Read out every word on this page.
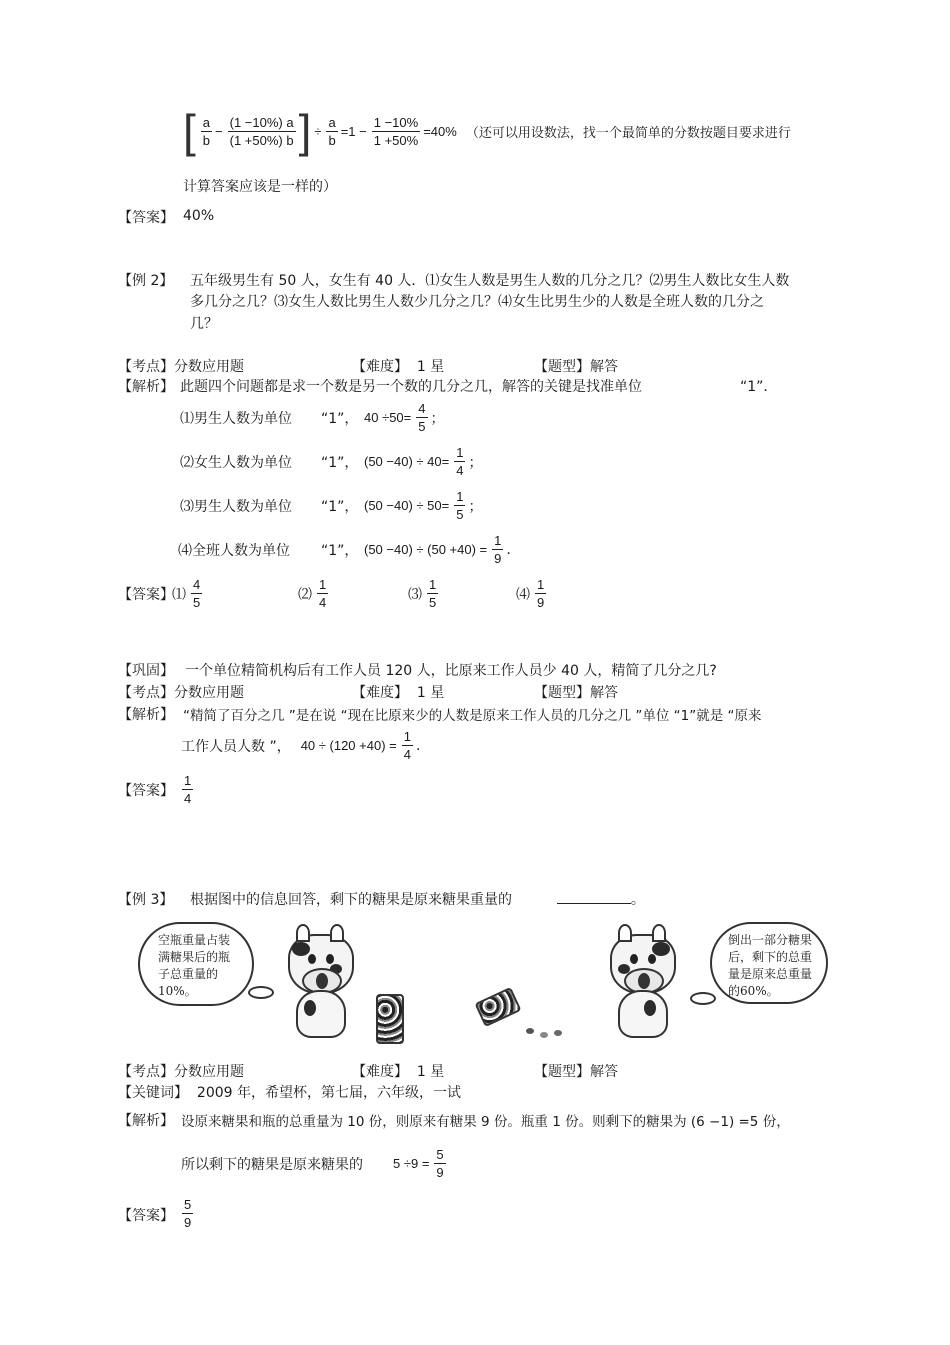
[ $\frac{a}{b} - \frac{(1 -10\%) a}{(1 +50\%) b}$ ] ÷ $\frac{a}{b} =1 - \frac{1 -10\%}{1 +50\%} =40\%$ （还可以用设数法，找一个最简单的分数按题目要求进行
计算答案应该是一样的）
【答案】 40%
【例 2】 五年级男生有 50 人，女生有 40 人．⑴女生人数是男生人数的几分之几？⑵男生人数比女生人数
多几分之几？⑶女生人数比男生人数少几分之几？⑷女生比男生少的人数是全班人数的几分之
几？
【考点】分数应用题	【难度】 1 星	【题型】解答
【解析】 此题四个问题都是求一个数是另一个数的几分之几，解答的关键是找准单位	“1”．
⑴男生人数为单位	“1”， $40 \div 50= \frac{4}{5}$ ；
⑵女生人数为单位	“1”， $(50 -40) \div 40= \frac{1}{4}$ ；
⑶男生人数为单位	“1”， $(50 -40) \div 50= \frac{1}{5}$ ；
⑷全班人数为单位	“1”， $(50 -40) \div (50 +40) = \frac{1}{9}$ .
【答案】
⑴ $\frac{4}{5}$	⑵ $\frac{1}{4}$	⑶ $\frac{1}{5}$	⑷ $\frac{1}{9}$
【巩固】 一个单位精简机构后有工作人员 120 人，比原来工作人员少 40 人，精简了几分之几?
【考点】分数应用题	【难度】 1 星	【题型】解答
【解析】 “精简了百分之几 ”是在说 “现在比原来少的人数是原来工作人员的几分之几 ”单位 “1”就是 “原来
工作人员人数 ”， $40 \div (120 +40) = \frac{1}{4}$ .
【答案】 $\frac{1}{4}$
【例 3】 根据图中的信息回答，剩下的糖果是原来糖果重量的	。
空瓶重量占装满糖果后的瓶子总重量的10%。
倒出一部分糖果后，剩下的总重量是原来总重量的60%。
【考点】分数应用题	【难度】 1 星	【题型】解答
【关键词】 2009 年，希望杯，第七届，六年级，一试
【解析】 设原来糖果和瓶的总重量为 10 份，则原来有糖果 9 份。瓶重 1 份。则剩下的糖果为 (6 −1) =5 份，
所以剩下的糖果是原来糖果的 $5 \div 9 = \frac{5}{9}$
【答案】 $\frac{5}{9}$
